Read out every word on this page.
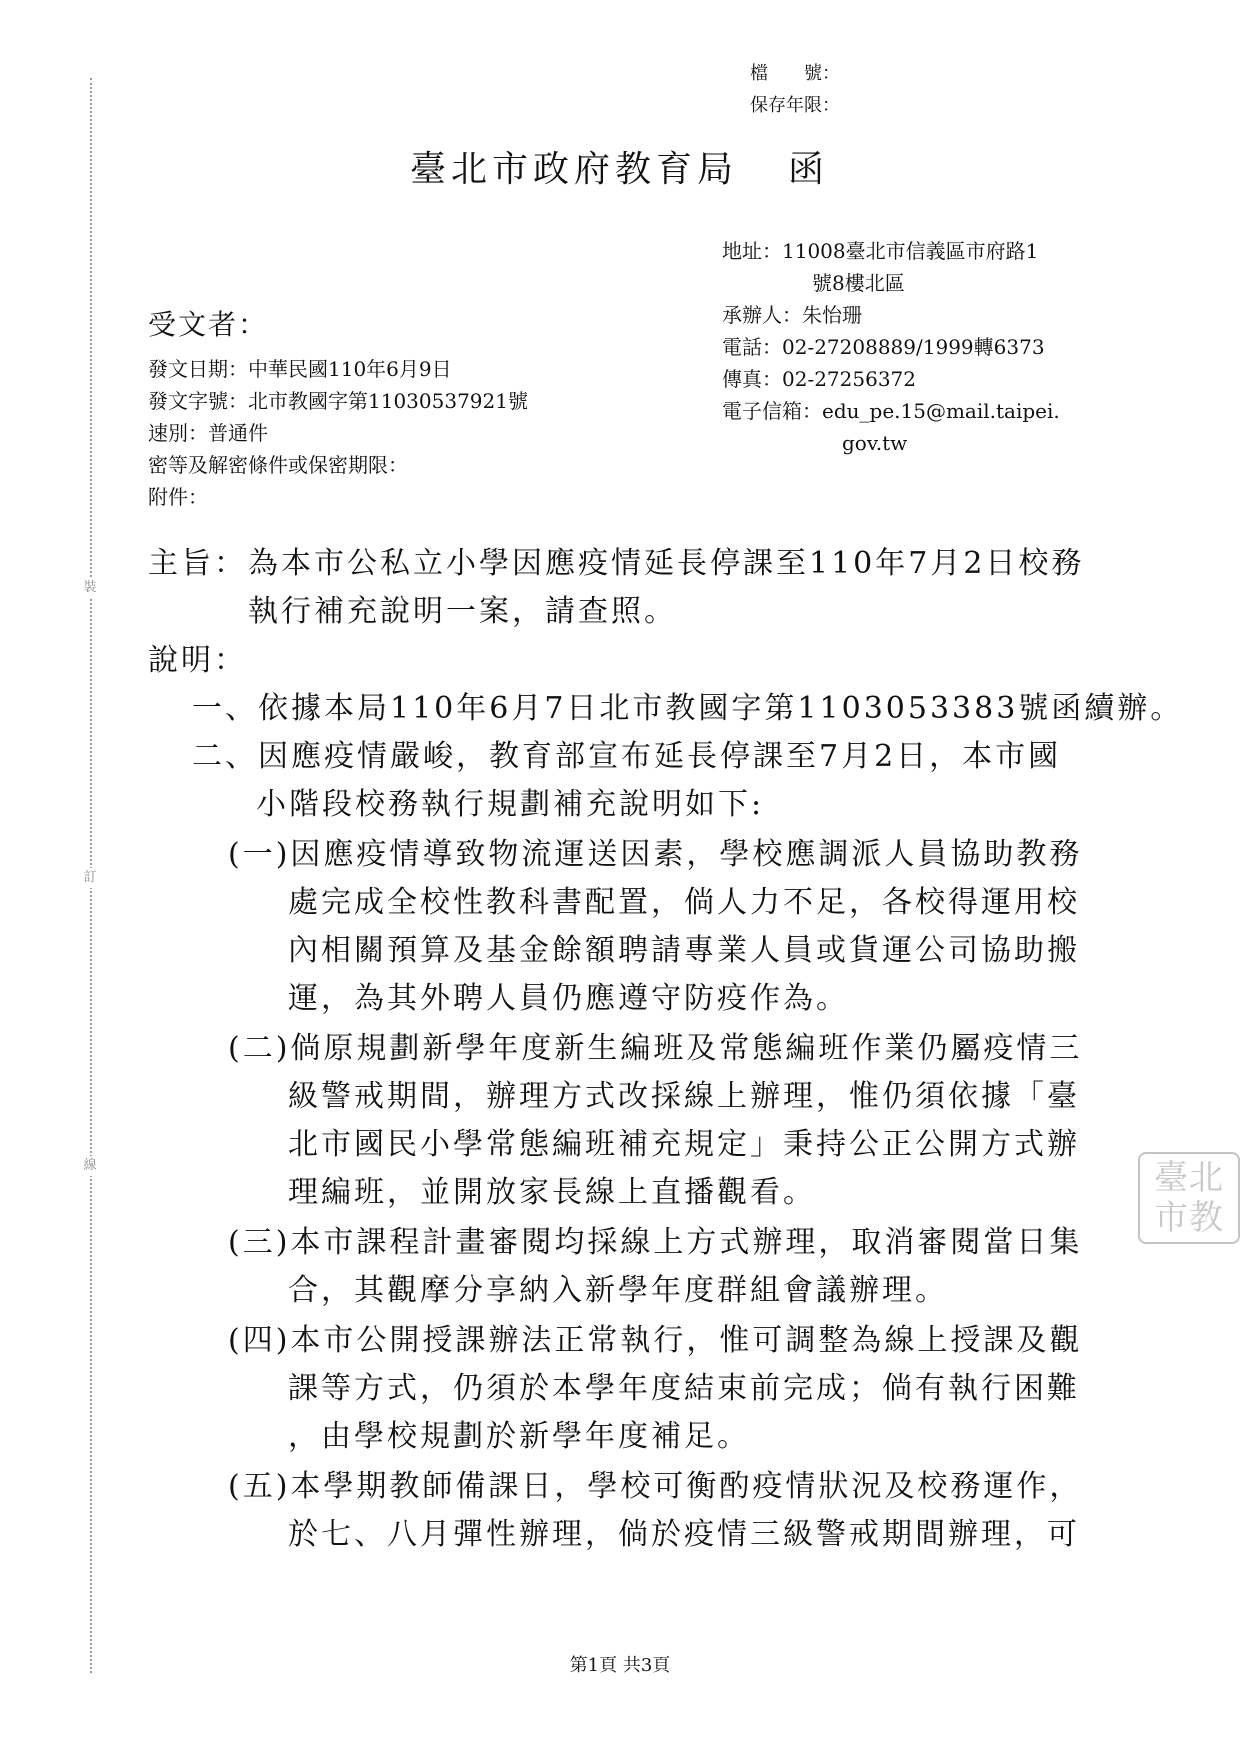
裝
訂
線
檔　　號：
保存年限：
臺北市政府教育局 函
地址：11008臺北市信義區市府路1
號8樓北區
承辦人：朱怡珊
電話：02-27208889/1999轉6373
傳真：02-27256372
電子信箱：edu_pe.15@mail.taipei.
gov.tw
受文者：
發文日期：中華民國110年6月9日
發文字號：北市教國字第11030537921號
速別：普通件
密等及解密條件或保密期限：
附件：
主旨： 為本市公私立小學因應疫情延長停課至110年7月2日校務
執行補充說明一案，請查照。
說明：
一、依據本局110年6月7日北市教國字第1103053383號函續辦。
二、因應疫情嚴峻，教育部宣布延長停課至7月2日，本市國
小階段校務執行規劃補充說明如下:
(一)因應疫情導致物流運送因素，學校應調派人員協助教務
處完成全校性教科書配置，倘人力不足，各校得運用校
內相關預算及基金餘額聘請專業人員或貨運公司協助搬
運，為其外聘人員仍應遵守防疫作為。
(二)倘原規劃新學年度新生編班及常態編班作業仍屬疫情三
級警戒期間，辦理方式改採線上辦理，惟仍須依據「臺
北市國民小學常態編班補充規定」秉持公正公開方式辦
理編班，並開放家長線上直播觀看。
(三)本市課程計畫審閱均採線上方式辦理，取消審閱當日集
合，其觀摩分享納入新學年度群組會議辦理。
(四)本市公開授課辦法正常執行，惟可調整為線上授課及觀
課等方式，仍須於本學年度結束前完成；倘有執行困難
，由學校規劃於新學年度補足。
(五)本學期教師備課日，學校可衡酌疫情狀況及校務運作，
於七、八月彈性辦理，倘於疫情三級警戒期間辦理，可
臺北
市教
第1頁 共3頁
